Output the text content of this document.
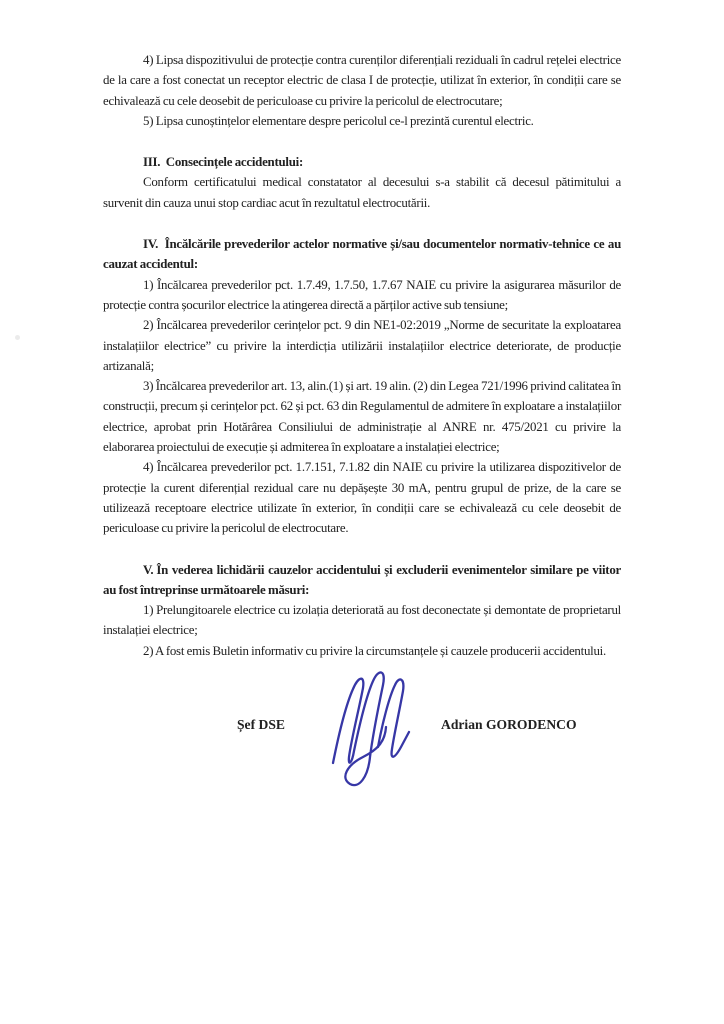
4) Lipsa dispozitivului de protecție contra curenților diferențiali reziduali în cadrul rețelei electrice de la care a fost conectat un receptor electric de clasa I de protecție, utilizat în exterior, în condiții care se echivalează cu cele deosebit de periculoase cu privire la pericolul de electrocutare;

5) Lipsa cunoștințelor elementare despre pericolul ce-l prezintă curentul electric.

III. Consecințele accidentului:

Conform certificatului medical constatator al decesului s-a stabilit că decesul pătimitului a survenit din cauza unui stop cardiac acut în rezultatul electrocutării.

IV. Încălcările prevederilor actelor normative și/sau documentelor normativ-tehnice ce au cauzat accidentul:

1) Încălcarea prevederilor pct. 1.7.49, 1.7.50, 1.7.67 NAIE cu privire la asigurarea măsurilor de protecție contra șocurilor electrice la atingerea directă a părților active sub tensiune;

2) Încălcarea prevederilor cerințelor pct. 9 din NE1-02:2019 „Norme de securitate la exploatarea instalațiilor electrice” cu privire la interdicția utilizării instalațiilor electrice deteriorate, de producție artizanală;

3) Încălcarea prevederilor art. 13, alin.(1) și art. 19 alin. (2) din Legea 721/1996 privind calitatea în construcții, precum și cerințelor pct. 62 și pct. 63 din Regulamentul de admitere în exploatare a instalațiilor electrice, aprobat prin Hotărârea Consiliului de administrație al ANRE nr. 475/2021 cu privire la elaborarea proiectului de execuție și admiterea în exploatare a instalației electrice;

4) Încălcarea prevederilor pct. 1.7.151, 7.1.82 din NAIE cu privire la utilizarea dispozitivelor de protecție la curent diferențial rezidual care nu depășește 30 mA, pentru grupul de prize, de la care se utilizează receptoare electrice utilizate în exterior, în condiții care se echivalează cu cele deosebit de periculoase cu privire la pericolul de electrocutare.

V. În vederea lichidării cauzelor accidentului și excluderii evenimentelor similare pe viitor au fost întreprinse următoarele măsuri:

1) Prelungitoarele electrice cu izolația deteriorată au fost deconectate și demontate de proprietarul instalației electrice;

2) A fost emis Buletin informativ cu privire la circumstanțele și cauzele producerii accidentului.

Șef DSE	Adrian GORODENCO
